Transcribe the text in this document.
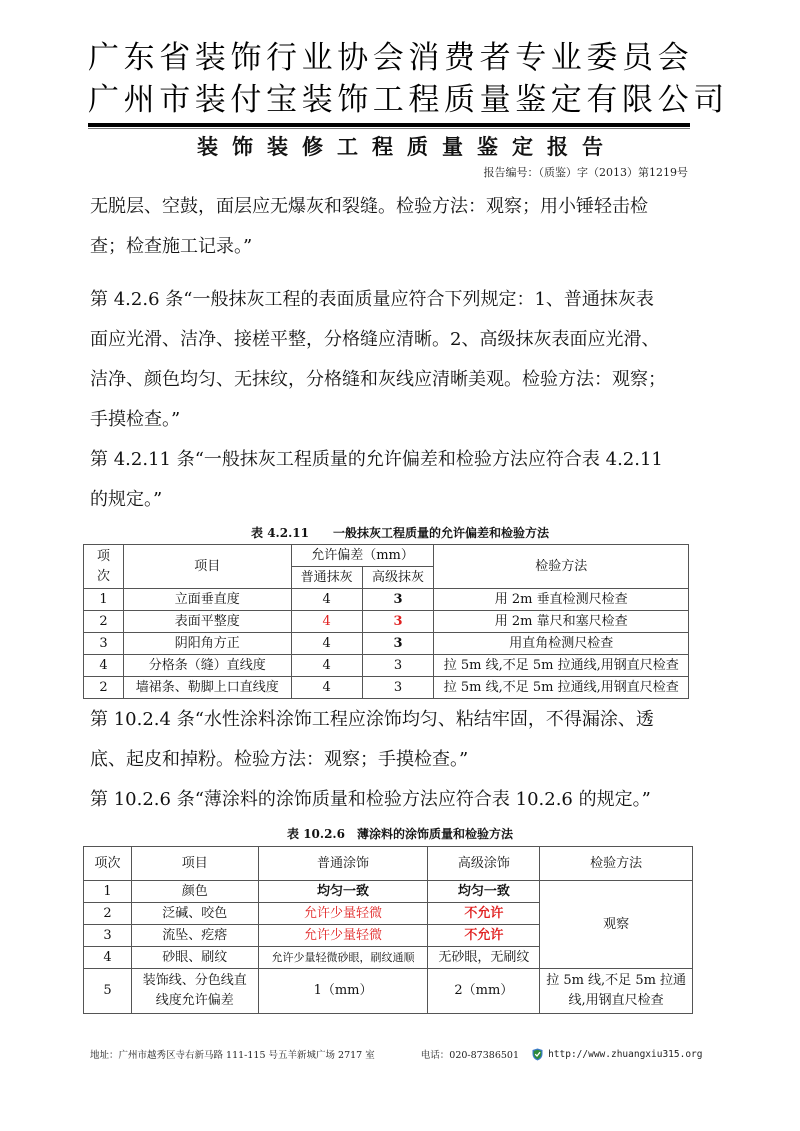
广东省装饰行业协会消费者专业委员会
广州市装付宝装饰工程质量鉴定有限公司
装饰装修工程质量鉴定报告
报告编号：（质鉴）字（2013）第1219号

无脱层、空鼓，面层应无爆灰和裂缝。检验方法：观察；用小锤轻击检

查；检查施工记录。”

第 4.2.6 条“一般抹灰工程的表面质量应符合下列规定：1、普通抹灰表

面应光滑、洁净、接槎平整，分格缝应清晰。2、高级抹灰表面应光滑、

洁净、颜色均匀、无抹纹，分格缝和灰线应清晰美观。检验方法：观察；

手摸检查。”

第 4.2.11 条“一般抹灰工程质量的允许偏差和检验方法应符合表 4.2.11

的规定。”

表 4.2.11　　一般抹灰工程质量的允许偏差和检验方法
项次	项目	允许偏差（mm）		检验方法
		普通抹灰	高级抹灰	
1	立面垂直度	4	3	用 2m 垂直检测尺检查
2	表面平整度	4	3	用 2m 靠尺和塞尺检查
3	阴阳角方正	4	3	用直角检测尺检查
4	分格条（缝）直线度	4	3	拉 5m 线,不足 5m 拉通线,用钢直尺检查
2	墙裙条、勒脚上口直线度	4	3	拉 5m 线,不足 5m 拉通线,用钢直尺检查

第 10.2.4 条“水性涂料涂饰工程应涂饰均匀、粘结牢固，不得漏涂、透

底、起皮和掉粉。检验方法：观察；手摸检查。”

第 10.2.6 条“薄涂料的涂饰质量和检验方法应符合表 10.2.6 的规定。”

表 10.2.6　薄涂料的涂饰质量和检验方法
项次	项目	普通涂饰	高级涂饰	检验方法
1	颜色	均匀一致	均匀一致	观察
2	泛碱、咬色	允许少量轻微	不允许	
3	流坠、疙瘩	允许少量轻微	不允许	
4	砂眼、刷纹	允许少量轻微砂眼，刷纹通顺	无砂眼，无刷纹	
5	装饰线、分色线直线度允许偏差	1（mm）	2（mm）	拉 5m 线,不足 5m 拉通线,用钢直尺检查
地址：广州市越秀区寺右新马路 111-115 号五羊新城广场 2717 室	电话：020-87386501	http://www.zhuangxiu315.org
